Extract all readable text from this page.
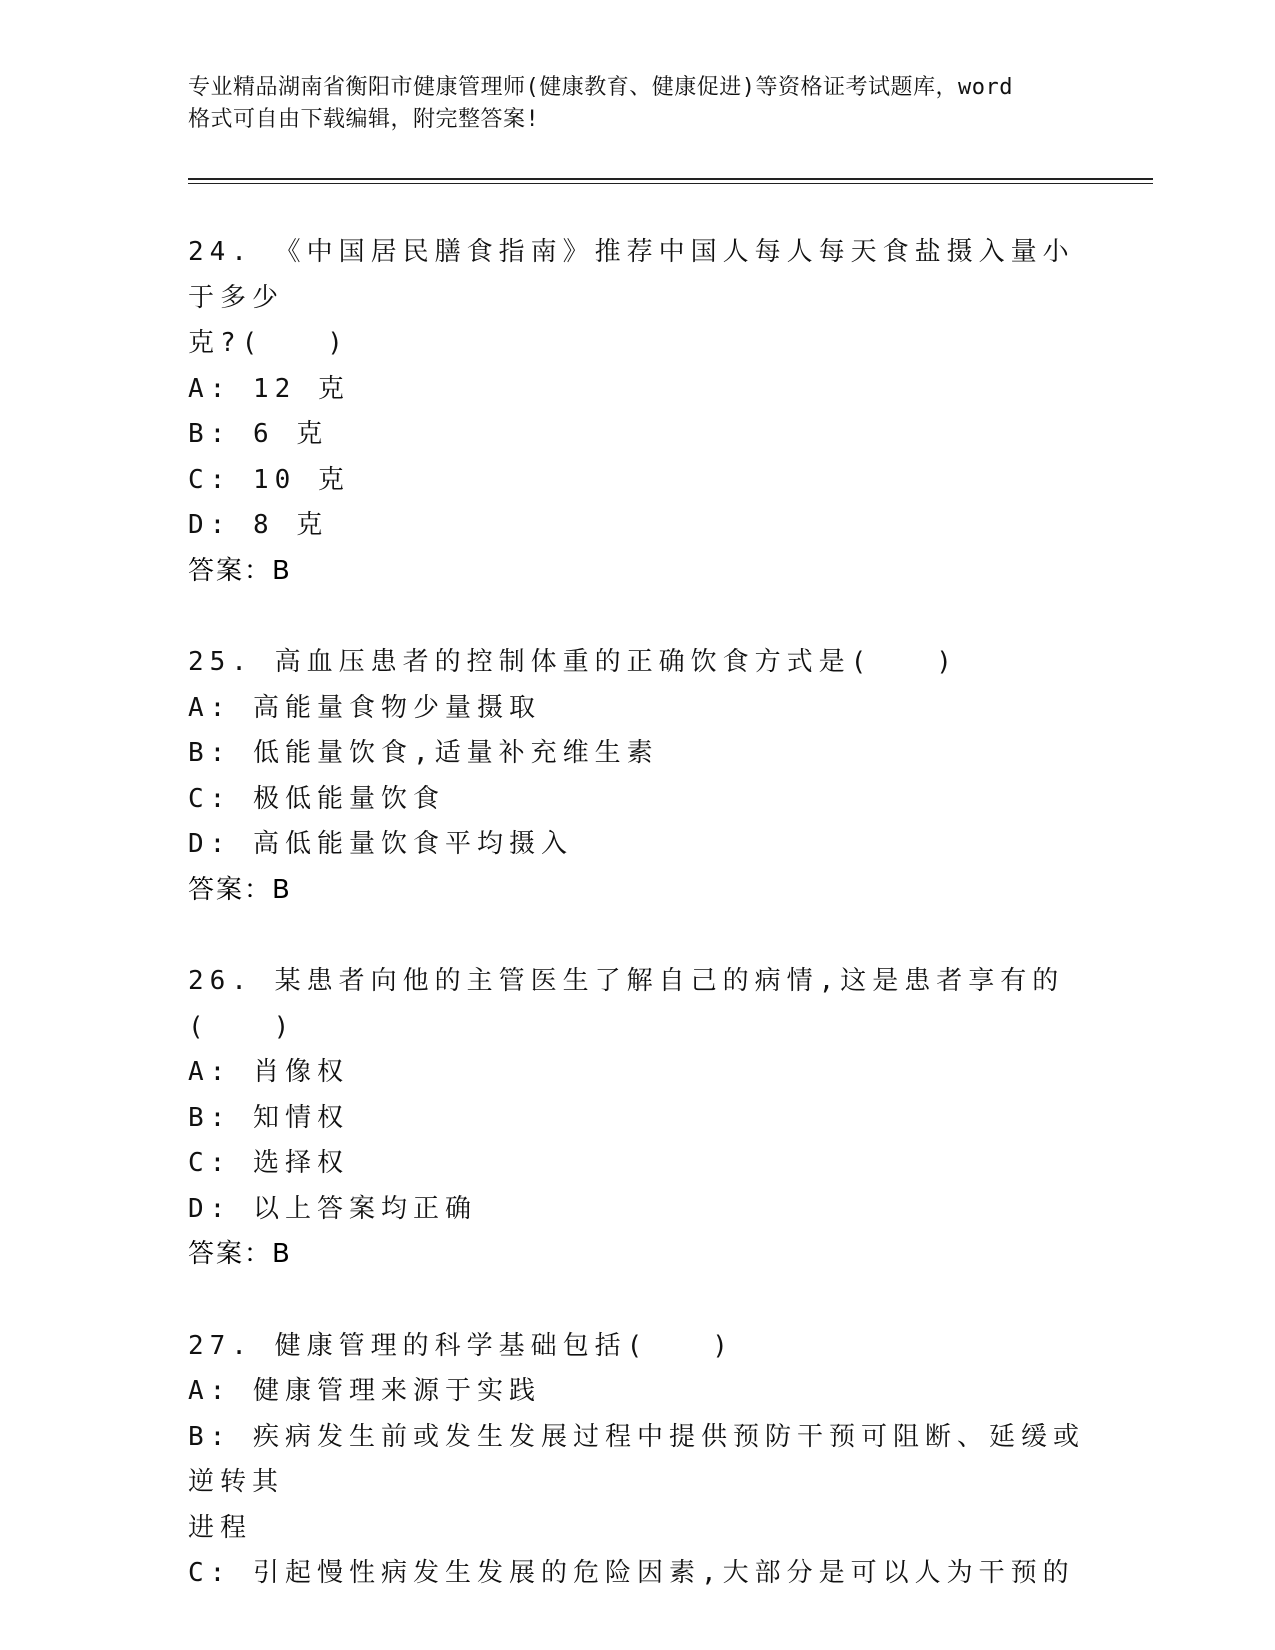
专业精品湖南省衡阳市健康管理师(健康教育、健康促进)等资格证考试题库，word
格式可自由下载编辑，附完整答案!
24. 《中国居民膳食指南》推荐中国人每人每天食盐摄入量小于多少
克?(　　)
A: 12 克
B: 6 克
C: 10 克
D: 8 克
答案：B
25. 高血压患者的控制体重的正确饮食方式是(　　)
A: 高能量食物少量摄取
B: 低能量饮食,适量补充维生素
C: 极低能量饮食
D: 高低能量饮食平均摄入
答案：B
26. 某患者向他的主管医生了解自己的病情,这是患者享有的(　　)
A: 肖像权
B: 知情权
C: 选择权
D: 以上答案均正确
答案：B
27. 健康管理的科学基础包括(　　)
A: 健康管理来源于实践
B: 疾病发生前或发生发展过程中提供预防干预可阻断、延缓或逆转其
进程
C: 引起慢性病发生发展的危险因素,大部分是可以人为干预的
